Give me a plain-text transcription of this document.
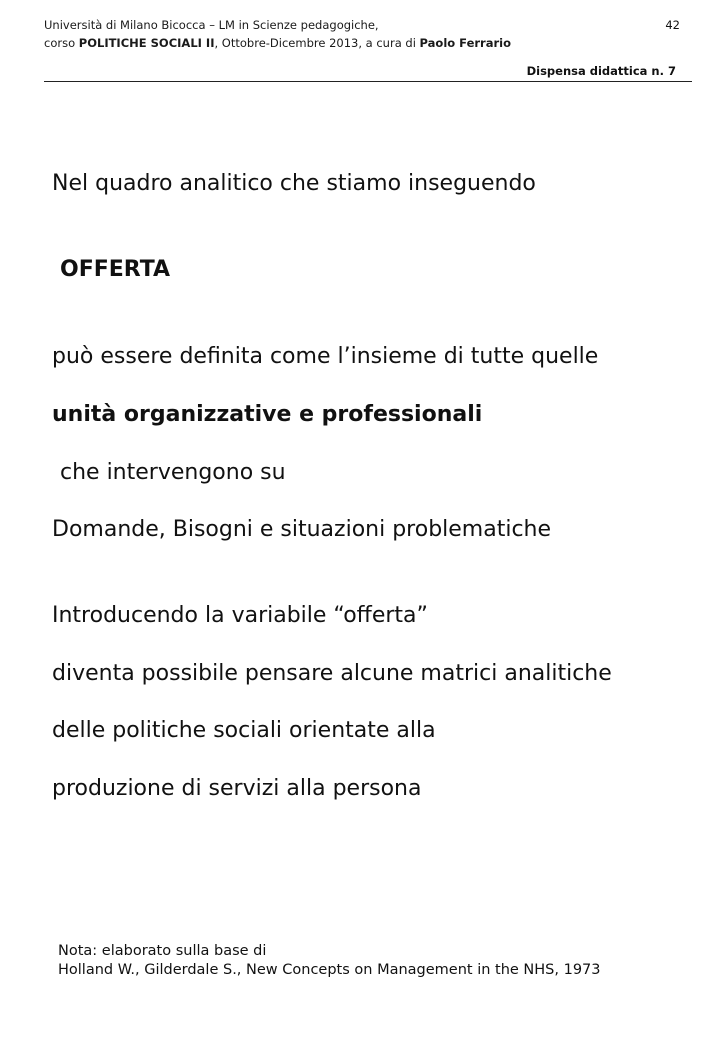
Università di Milano Bicocca – LM in Scienze pedagogiche,
corso POLITICHE SOCIALI II, Ottobre-Dicembre 2013, a cura di Paolo Ferrario
42
Dispensa didattica n. 7
Nel quadro analitico che stiamo inseguendo
OFFERTA
può essere definita come l’insieme di tutte quelle
unità organizzative e professionali
che intervengono su
Domande, Bisogni e situazioni problematiche
Introducendo la variabile “offerta”
diventa possibile pensare alcune matrici analitiche
delle politiche sociali orientate alla
produzione di servizi alla persona
Nota: elaborato sulla base di
Holland W., Gilderdale S., New Concepts on Management in the NHS, 1973
